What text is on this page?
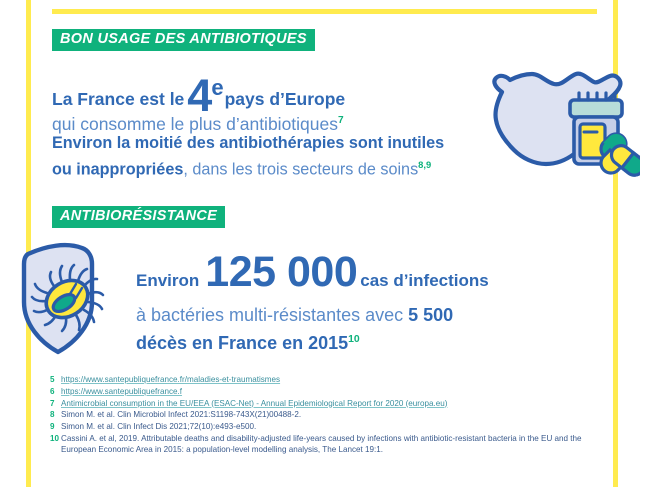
BON USAGE DES ANTIBIOTIQUES
La France est le4epays d’Europe
qui consomme le plus d’antibiotiques$^7$
Environ la moitié des antibiothérapies sont inutiles
ou inappropriées, dans les trois secteurs de soins$^{8,9}$
ANTIBIORÉSISTANCE
Environ 125 000 cas d’infections
à bactéries multi-résistantes avec 5 500
décès en France en 2015$^{10}$
5 https://www.santepubliquefrance.fr/maladies-et-traumatismes
6 https://www.santepubliquefrance.f
7 Antimicrobial consumption in the EU/EEA (ESAC-Net) - Annual Epidemiological Report for 2020 (europa.eu)
8 Simon M. et al. Clin Microbiol Infect 2021:S1198-743X(21)00488-2.
9 Simon M. et al. Clin Infect Dis 2021;72(10):e493-e500.
10 Cassini A. et al, 2019. Attributable deaths and disability-adjusted life-years caused by infections with antibiotic-resistant bacteria in the EU and the European Economic Area in 2015: a population-level modelling analysis, The Lancet 19:1.
